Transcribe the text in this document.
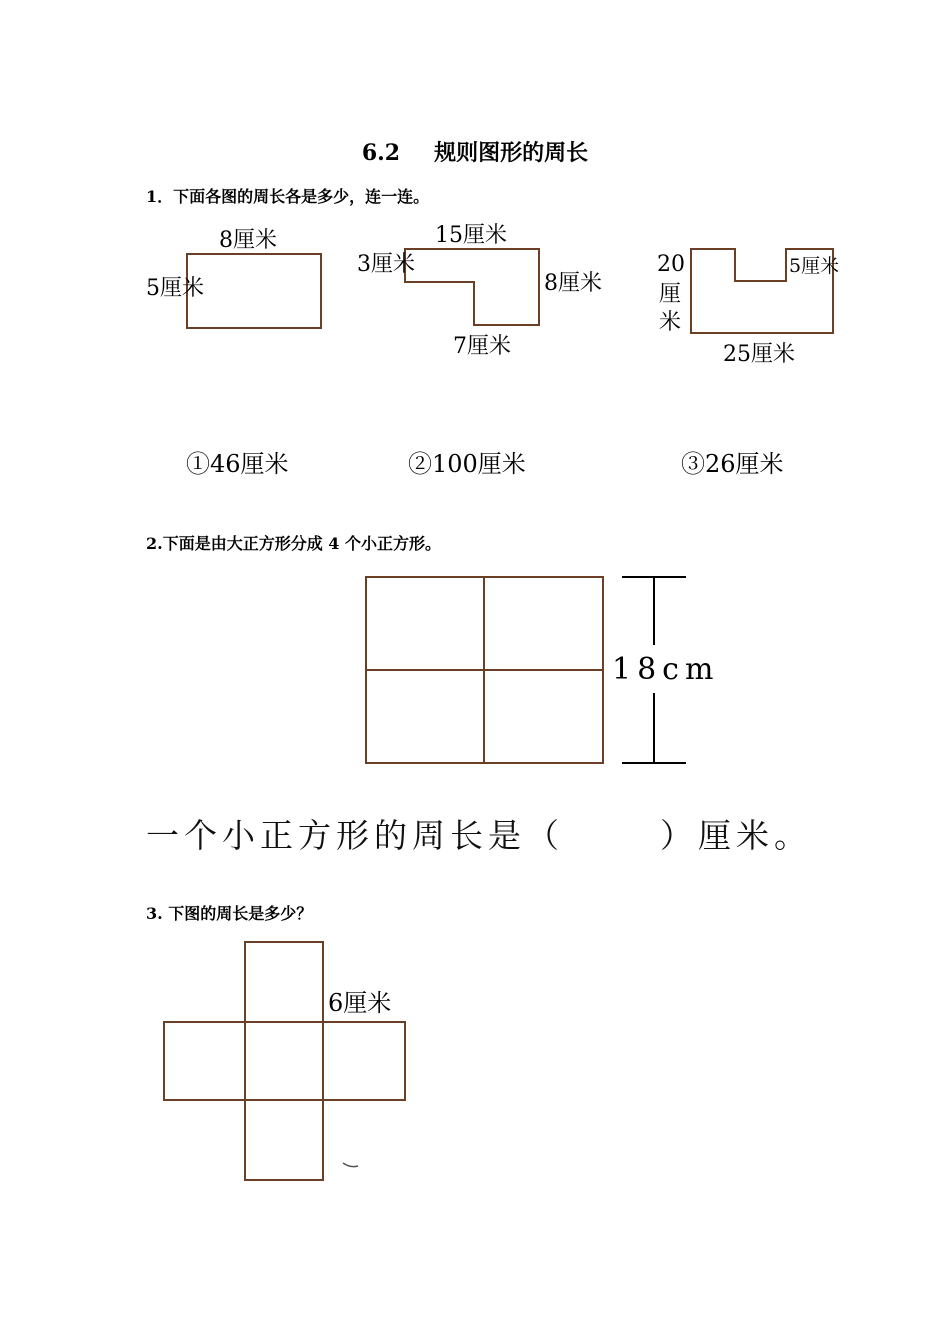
6.2 规则图形的周长
1．下面各图的周长各是多少，连一连。
2.下面是由大正方形分成 4 个小正方形。
3. 下图的周长是多少？
8厘米
5厘米
15厘米
3厘米
8厘米
7厘米
20
厘
米
5厘米
25厘米
①46厘米	②100厘米	③26厘米
18cm
6厘米
一个小正方形的周长是（	）厘米。
